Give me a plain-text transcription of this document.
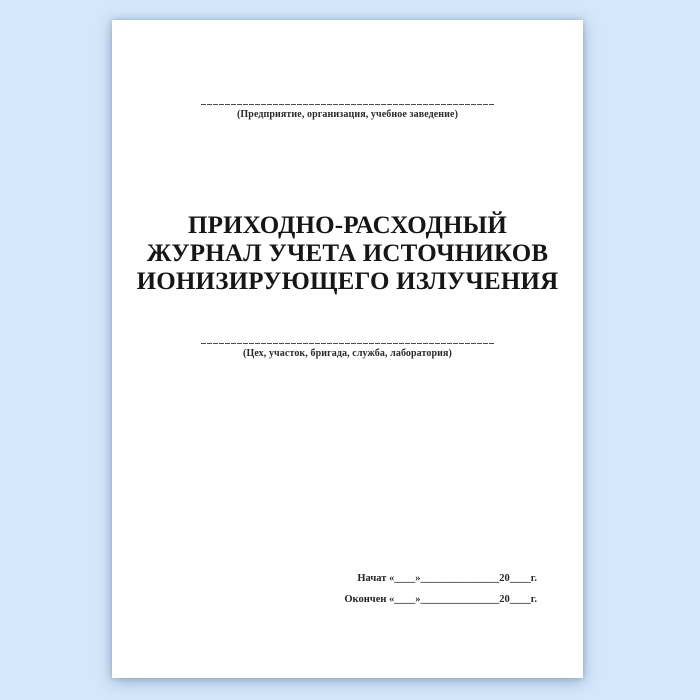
(Предприятие, организация, учебное заведение)
ПРИХОДНО-РАСХОДНЫЙ
ЖУРНАЛ УЧЕТА ИСТОЧНИКОВ
ИОНИЗИРУЮЩЕГО ИЗЛУЧЕНИЯ
(Цех, участок, бригада, служба, лаборатория)
Начат «____»_______________20____г.
Окончен «____»_______________20____г.
